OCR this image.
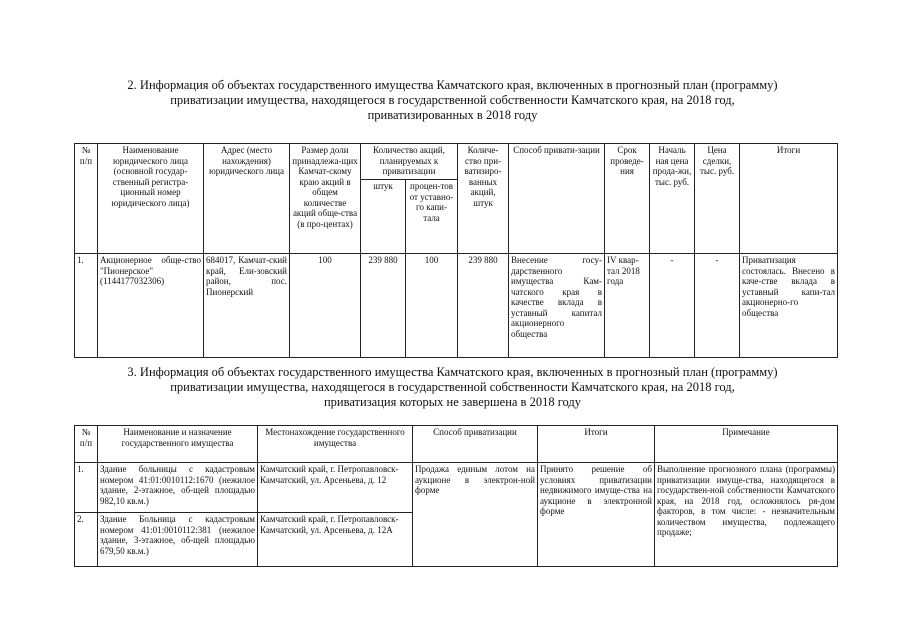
2. Информация об объектах государственного имущества Камчатского края, включенных в прогнозный план (программу)
приватизации имущества, находящегося в государственной собственности Камчатского края, на 2018 год,
приватизированных в 2018 году
№ п/п	Наименование юридического лица (основной государ-ственный регистра-ционный номер юридического лица)	Адрес (место нахождения) юридического лица	Размер доли принадлежа-щих Камчат-скому краю акций в общем количестве акций обще-ства (в про-центах)	Количество акций, планируемых к приватизации		Количе-ство при-ватизиро-ванных акций, штук	Способ привати-зации	Срок проведе-ния	Началь ная цена прода-жи, тыс. руб.	Цена сделки, тыс. руб.	Итоги
				штук	процен-тов от уставно-го капи-тала						
1.	Акционерное обще-ство "Пионерское" (1144177032306)	684017, Камчат-ский край, Ели-зовский район, пос. Пионерский	100	239 880	100	239 880	Внесение госу-дарственного имущества Кам-чатского края в качестве вклада в уставный капитал акционерного общества	IV квар-тал 2018 года	-	-	Приватизация состоялась. Внесено в каче-стве вклада в уставный капи-тал акционерно-го общества
3. Информация об объектах государственного имущества Камчатского края, включенных в прогнозный план (программу)
приватизации имущества, находящегося в государственной собственности Камчатского края, на 2018 год,
приватизация которых не завершена в 2018 году
№ п/п	Наименование и назначение государственного имущества	Местонахождение государственного имущества	Способ приватизации	Итоги	Примечание
1.	Здание больницы с кадастровым номером 41:01:0010112:1670 (нежилое здание, 2-этажное, об-щей площадью 982,10 кв.м.)	Камчатский край, г. Петропавловск-Камчатский, ул. Арсеньева, д. 12	Продажа единым лотом на аукционе в электрон-ной форме	Принято решение об условиях приватизации недвижимого имуще-ства на аукционе в электронной форме	Выполнение прогнозного плана (программы) приватизации имуще-ства, находящегося в государствен-ной собственности Камчатского края, на 2018 год, осложнялось ря-дом факторов, в том числе: - незначительным количеством имущества, подлежащего продаже;
2.	Здание Больница с кадастровым номером 41:01:0010112:381 (нежилое здание, 3-этажное, об-щей площадью 679,50 кв.м.)	Камчатский край, г. Петропавловск-Камчатский, ул. Арсеньева, д. 12А			
